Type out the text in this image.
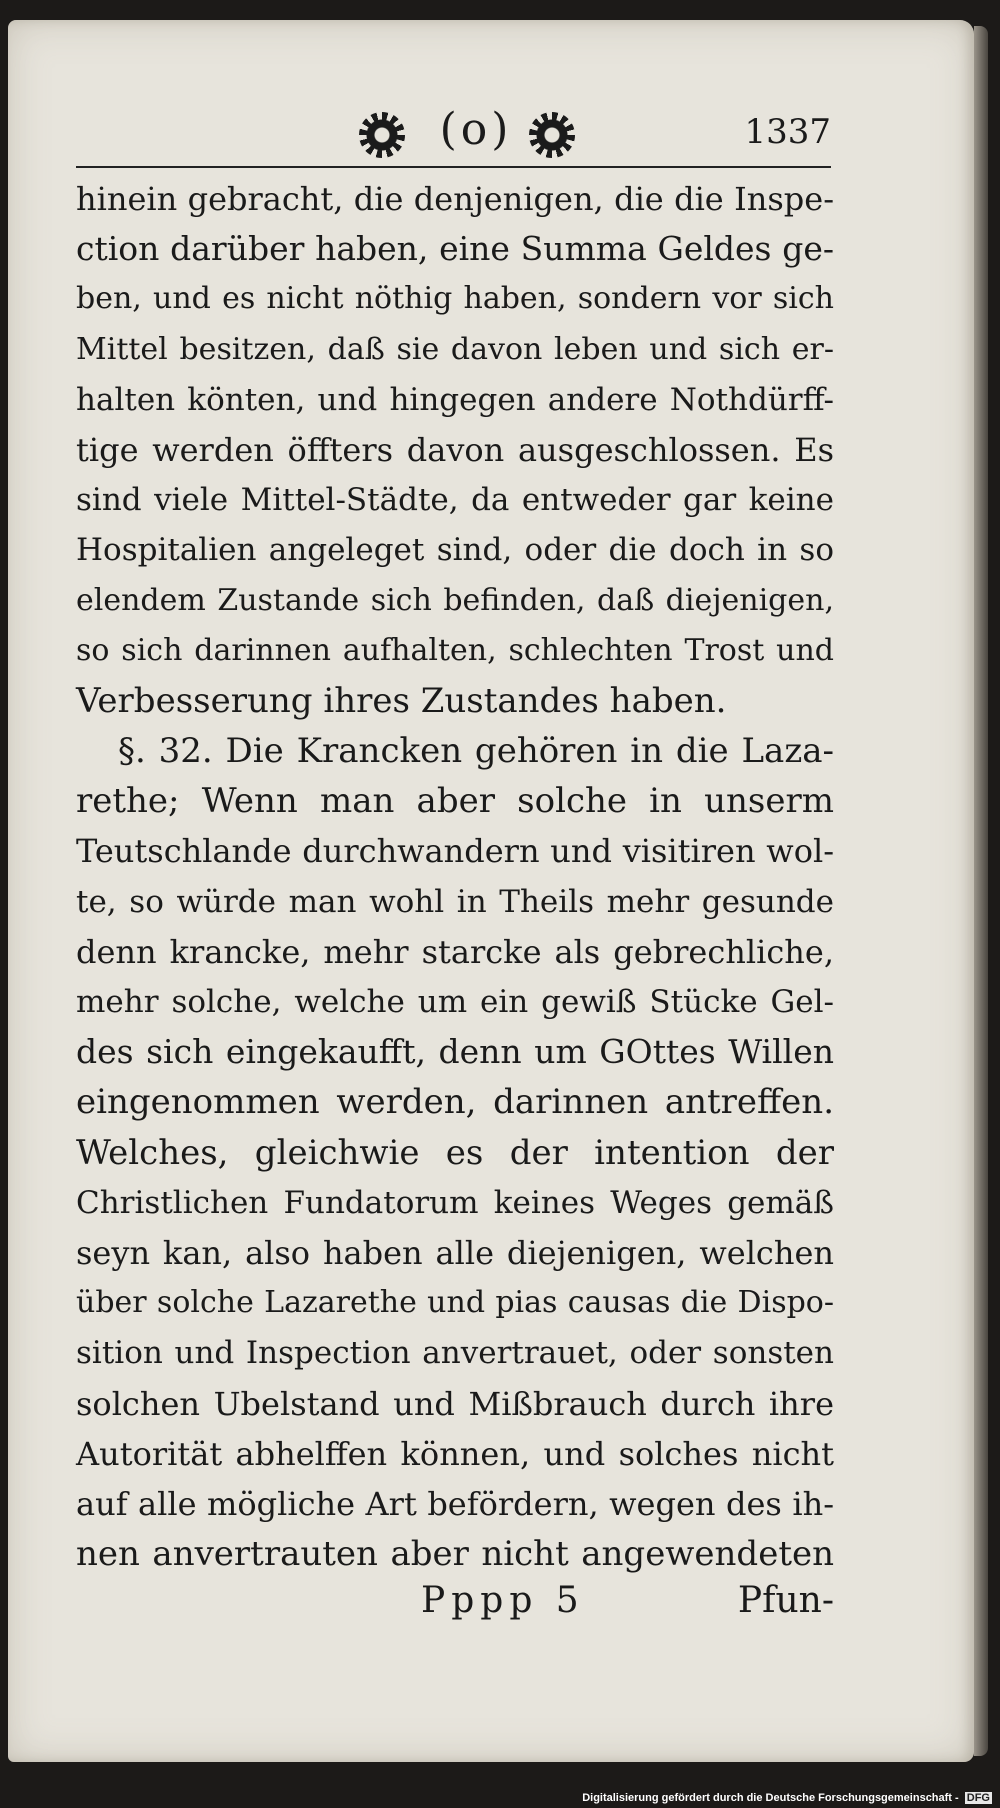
(o)	1337
hinein gebracht, die denjenigen, die die Inspe-
ction darüber haben, eine Summa Geldes ge-
ben, und es nicht nöthig haben, sondern vor sich
Mittel besitzen, daß sie davon leben und sich er-
halten könten, und hingegen andere Nothdürff-
tige werden öffters davon ausgeschlossen. Es
sind viele Mittel-Städte, da entweder gar keine
Hospitalien angeleget sind, oder die doch in so
elendem Zustande sich befinden, daß diejenigen,
so sich darinnen aufhalten, schlechten Trost und
Verbesserung ihres Zustandes haben.
§. 32. Die Krancken gehören in die Laza-
rethe; Wenn man aber solche in unserm
Teutschlande durchwandern und visitiren wol-
te, so würde man wohl in Theils mehr gesunde
denn krancke, mehr starcke als gebrechliche,
mehr solche, welche um ein gewiß Stücke Gel-
des sich eingekaufft, denn um GOttes Willen
eingenommen werden, darinnen antreffen.
Welches, gleichwie es der intention der
Christlichen Fundatorum keines Weges gemäß
seyn kan, also haben alle diejenigen, welchen
über solche Lazarethe und pias causas die Dispo-
sition und Inspection anvertrauet, oder sonsten
solchen Ubelstand und Mißbrauch durch ihre
Autorität abhelffen können, und solches nicht
auf alle mögliche Art befördern, wegen des ih-
nen anvertrauten aber nicht angewendeten
Pppp 5	Pfun-
Digitalisierung gefördert durch die Deutsche Forschungsgemeinschaft - DFG
